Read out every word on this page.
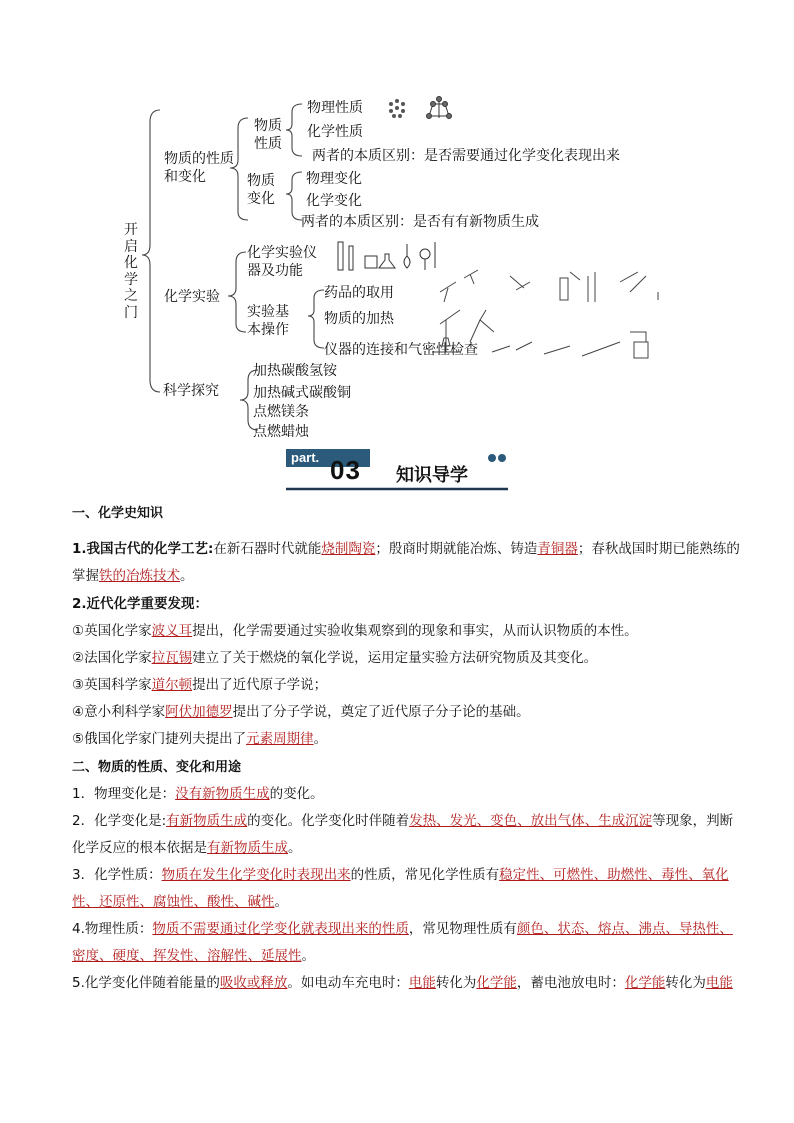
开启化学之门
物质的性质和变化
物质性质
物理性质
化学性质
两者的本质区别：是否需要通过化学变化表现出来
物质变化
物理变化
化学变化
两者的本质区别：是否有有新物质生成
化学实验
化学实验仪器及功能
实验基本操作
药品的取用
物质的加热
仪器的连接和气密性检查
科学探究
加热碳酸氢铵
加热碱式碳酸铜
点燃镁条
点燃蜡烛
part. 03 知识导学

一、化学史知识

1.我国古代的化学工艺:在新石器时代就能烧制陶瓷；殷商时期就能冶炼、铸造青铜器；春秋战国时期已能熟练的掌握铁的冶炼技术。

2.近代化学重要发现：

①英国化学家波义耳提出，化学需要通过实验收集观察到的现象和事实，从而认识物质的本性。

②法国化学家拉瓦锡建立了关于燃烧的氧化学说，运用定量实验方法研究物质及其变化。

③英国科学家道尔顿提出了近代原子学说；

④意小利科学家阿伏加德罗提出了分子学说，奠定了近代原子分子论的基础。

⑤俄国化学家门捷列夫提出了元素周期律。

二、物质的性质、变化和用途

1．物理变化是：没有新物质生成的变化。

2．化学变化是:有新物质生成的变化。化学变化时伴随着发热、发光、变色、放出气体、生成沉淀等现象，判断化学反应的根本依据是有新物质生成。

3．化学性质：物质在发生化学变化时表现出来的性质，常见化学性质有稳定性、可燃性、助燃性、毒性、氧化性、还原性、腐蚀性、酸性、碱性。

4.物理性质：物质不需要通过化学变化就表现出来的性质，常见物理性质有颜色、状态、熔点、沸点、导热性、密度、硬度、挥发性、溶解性、延展性。

5.化学变化伴随着能量的吸收或释放。如电动车充电时：电能转化为化学能，蓄电池放电时：化学能转化为电能
